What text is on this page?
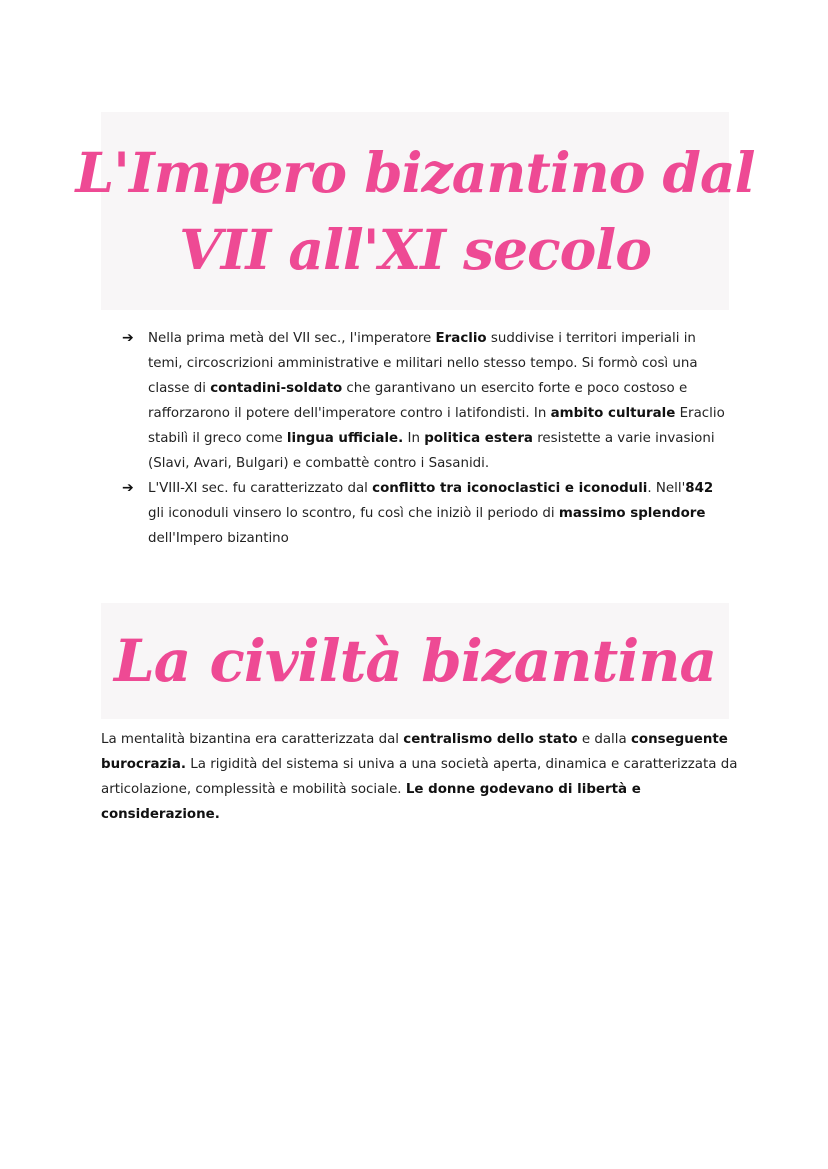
L'Impero bizantino dal
VII all'XI secolo
➔ Nella prima metà del VII sec., l'imperatore Eraclio suddivise i territori imperiali in temi, circoscrizioni amministrative e militari nello stesso tempo. Si formò così una classe di contadini-soldato che garantivano un esercito forte e poco costoso e rafforzarono il potere dell'imperatore contro i latifondisti. In ambito culturale Eraclio stabilì il greco come lingua ufficiale. In politica estera resistette a varie invasioni (Slavi, Avari, Bulgari) e combattè contro i Sasanidi.
➔ L'VIII-XI sec. fu caratterizzato dal conflitto tra iconoclastici e iconoduli. Nell'842 gli iconoduli vinsero lo scontro, fu così che iniziò il periodo di massimo splendore dell'Impero bizantino
La civiltà bizantina

La mentalità bizantina era caratterizzata dal centralismo dello stato e dalla conseguente burocrazia. La rigidità del sistema si univa a una società aperta, dinamica e caratterizzata da articolazione, complessità e mobilità sociale. Le donne godevano di libertà e considerazione.
